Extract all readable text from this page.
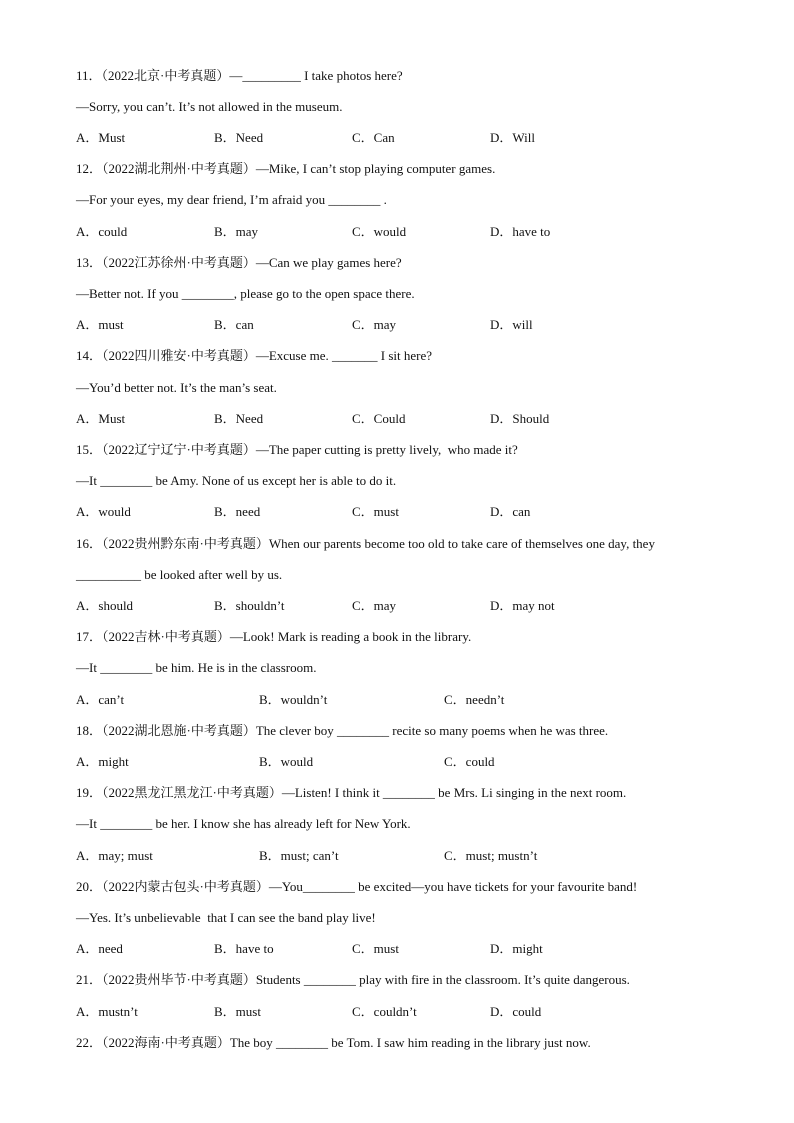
11．（2022北京·中考真题）—_________ I take photos here?
—Sorry, you can’t. It’s not allowed in the museum.
A．Must	B．Need	C．Can	D．Will
12．（2022湖北荆州·中考真题）—Mike, I can’t stop playing computer games.
—For your eyes, my dear friend, I’m afraid you ________ .
A．could	B．may	C．would	D．have to
13．（2022江苏徐州·中考真题）—Can we play games here?
—Better not. If you ________, please go to the open space there.
A．must	B．can	C．may	D．will
14．（2022四川雅安·中考真题）—Excuse me. _______ I sit here?
—You’d better not. It’s the man’s seat.
A．Must	B．Need	C．Could	D．Should
15．（2022辽宁辽宁·中考真题）—The paper cutting is pretty lively,  who made it?
—It ________ be Amy. None of us except her is able to do it.
A．would	B．need	C．must	D．can
16．（2022贵州黔东南·中考真题）When our parents become too old to take care of themselves one day, they
__________ be looked after well by us.
A．should	B．shouldn’t	C．may	D．may not
17．（2022吉林·中考真题）—Look! Mark is reading a book in the library.
—It ________ be him. He is in the classroom.
A．can’t	B．wouldn’t	C．needn’t
18．（2022湖北恩施·中考真题）The clever boy ________ recite so many poems when he was three.
A．might	B．would	C．could
19．（2022黑龙江黑龙江·中考真题）—Listen! I think it ________ be Mrs. Li singing in the next room.
—It ________ be her. I know she has already left for New York.
A．may; must	B．must; can’t	C．must; mustn’t
20．（2022内蒙古包头·中考真题）—You________ be excited—you have tickets for your favourite band!
—Yes. It’s unbelievable  that I can see the band play live!
A．need	B．have to	C．must	D．might
21．（2022贵州毕节·中考真题）Students ________ play with fire in the classroom. It’s quite dangerous.
A．mustn’t	B．must	C．couldn’t	D．could
22．（2022海南·中考真题）The boy ________ be Tom. I saw him reading in the library just now.
